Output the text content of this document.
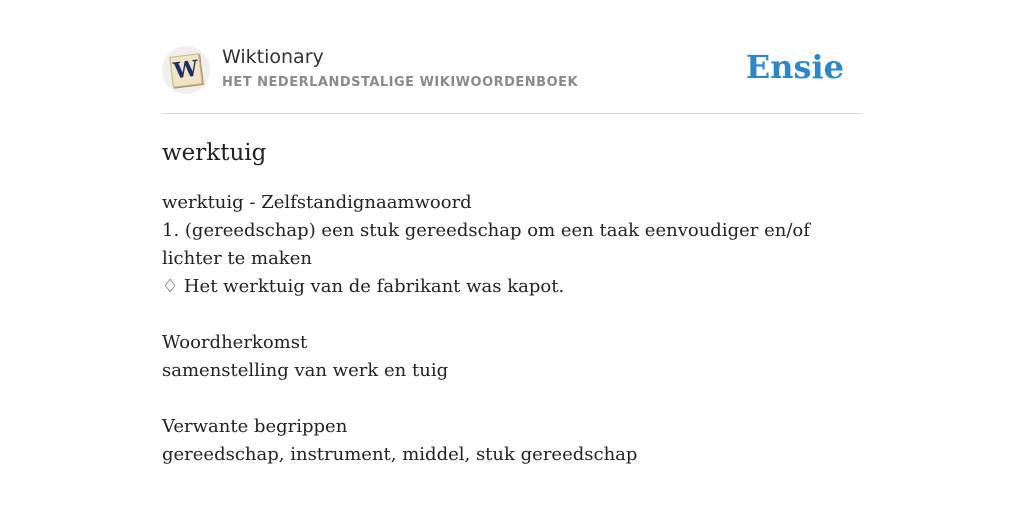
W Wiktionary
HET NEDERLANDSTALIGE WIKIWOORDENBOEK	Ensie
werktuig

werktuig - Zelfstandignaamwoord

1. (gereedschap) een stuk gereedschap om een taak eenvoudiger en/of lichter te maken

♢ Het werktuig van de fabrikant was kapot.

Woordherkomst

samenstelling van werk en tuig

Verwante begrippen

gereedschap, instrument, middel, stuk gereedschap
